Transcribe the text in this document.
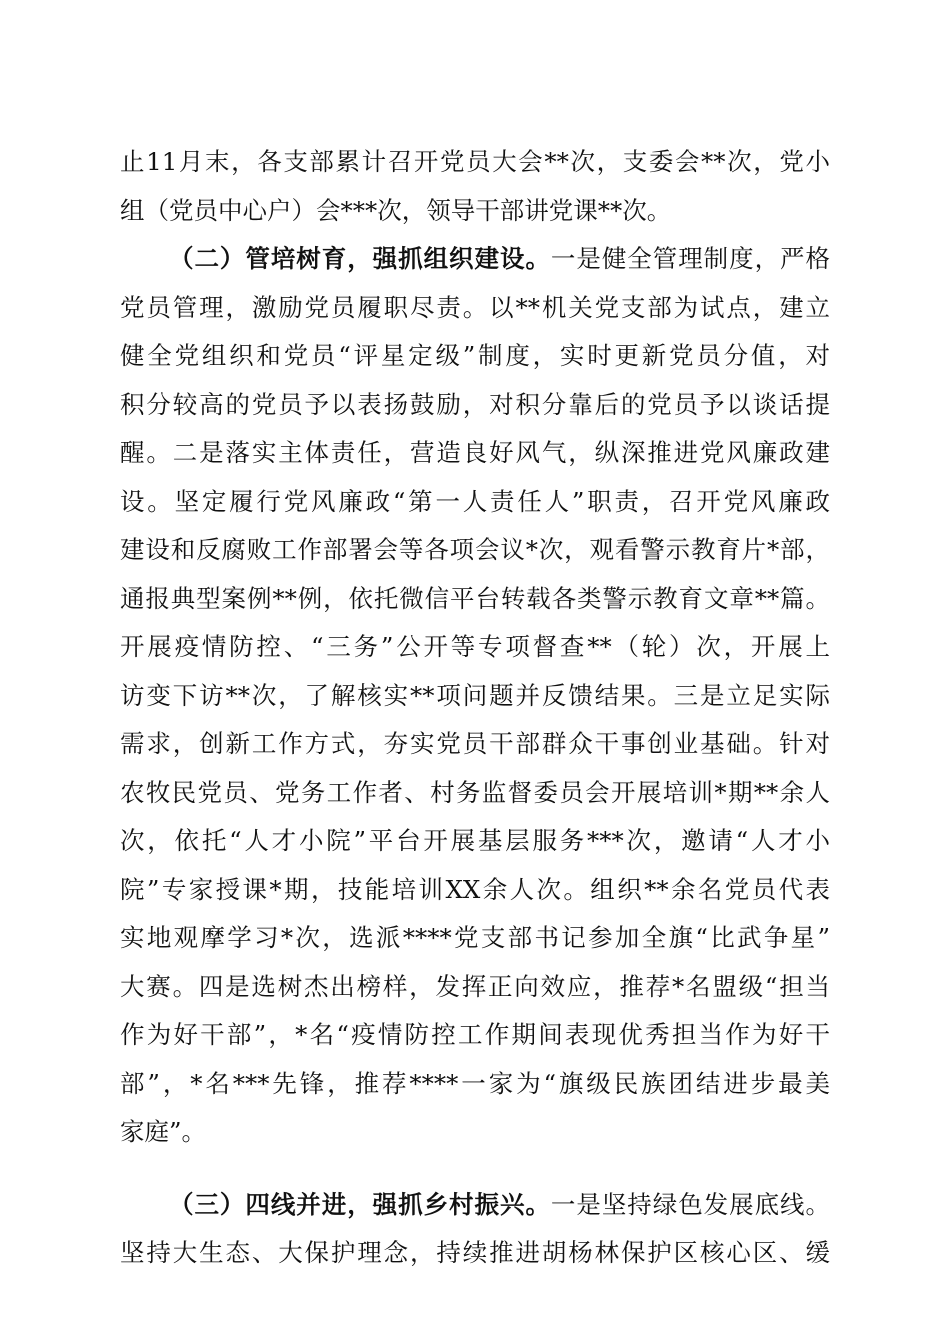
止11月末，各支部累计召开党员大会**次，支委会**次，党小
组（党员中心户）会***次，领导干部讲党课**次。
（二）管培树育，强抓组织建设。一是健全管理制度，严格
党员管理，激励党员履职尽责。以**机关党支部为试点，建立
健全党组织和党员“评星定级”制度，实时更新党员分值，对
积分较高的党员予以表扬鼓励，对积分靠后的党员予以谈话提
醒。二是落实主体责任，营造良好风气，纵深推进党风廉政建
设。坚定履行党风廉政“第一人责任人”职责，召开党风廉政
建设和反腐败工作部署会等各项会议*次，观看警示教育片*部，
通报典型案例**例，依托微信平台转载各类警示教育文章**篇。
开展疫情防控、“三务”公开等专项督查**（轮）次，开展上
访变下访**次，了解核实**项问题并反馈结果。三是立足实际
需求，创新工作方式，夯实党员干部群众干事创业基础。针对
农牧民党员、党务工作者、村务监督委员会开展培训*期**余人
次，依托“人才小院”平台开展基层服务***次，邀请“人才小
院”专家授课*期，技能培训XX余人次。组织**余名党员代表
实地观摩学习*次，选派****党支部书记参加全旗“比武争星”
大赛。四是选树杰出榜样，发挥正向效应，推荐*名盟级“担当
作为好干部”，*名“疫情防控工作期间表现优秀担当作为好干
部”，*名***先锋，推荐****一家为“旗级民族团结进步最美
家庭”。
（三）四线并进，强抓乡村振兴。一是坚持绿色发展底线。
坚持大生态、大保护理念，持续推进胡杨林保护区核心区、缓
